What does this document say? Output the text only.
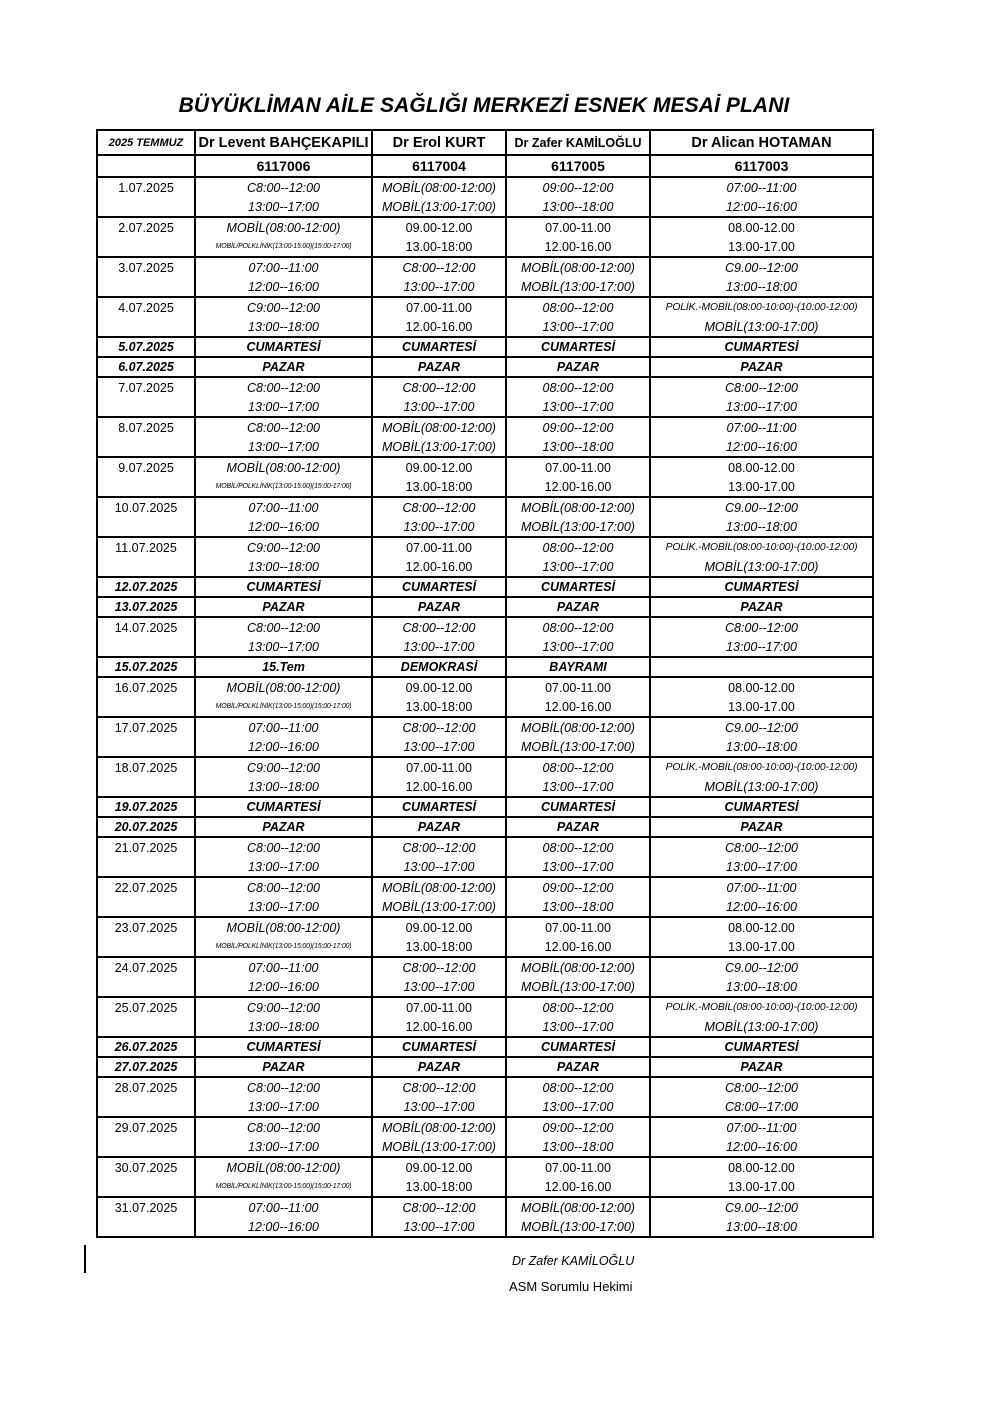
BÜYÜKLİMAN AİLE SAĞLIĞI MERKEZİ ESNEK MESAİ PLANI
2025 TEMMUZ	Dr Levent BAHÇEKAPILI	Dr Erol KURT	Dr Zafer KAMİLOĞLU	Dr Alican HOTAMAN
	6117006	6117004	6117005	6117003
1.07.2025	C8:00--12:00	MOBİL(08:00-12:00)	09:00--12:00	07:00--11:00
	13:00--17:00	MOBİL(13:00-17:00)	13:00--18:00	12:00--16:00
2.07.2025	MOBİL(08:00-12:00)	09.00-12.00	07.00-11.00	08.00-12.00
	MOBİL/POLKLİNİK(13:00-15:00)(15:00-17:00)	13.00-18:00	12.00-16.00	13.00-17.00
3.07.2025	07:00--11:00	C8:00--12:00	MOBİL(08:00-12:00)	C9.00--12:00
	12:00--16:00	13:00--17:00	MOBİL(13:00-17:00)	13:00--18:00
4.07.2025	C9:00--12:00	07.00-11.00	08:00--12:00	POLİK.-MOBİL(08:00-10:00)-(10:00-12:00)
	13:00--18:00	12.00-16.00	13:00--17:00	MOBİL(13:00-17:00)
5.07.2025	CUMARTESİ	CUMARTESİ	CUMARTESİ	CUMARTESİ
6.07.2025	PAZAR	PAZAR	PAZAR	PAZAR
7.07.2025	C8:00--12:00	C8:00--12:00	08:00--12:00	C8:00--12:00
	13:00--17:00	13:00--17:00	13:00--17:00	13:00--17:00
8.07.2025	C8:00--12:00	MOBİL(08:00-12:00)	09:00--12:00	07:00--11:00
	13:00--17:00	MOBİL(13:00-17:00)	13:00--18:00	12:00--16:00
9.07.2025	MOBİL(08:00-12:00)	09.00-12.00	07.00-11.00	08.00-12.00
	MOBİL/POLKLİNİK(13:00-15:00)(15:00-17:00)	13.00-18:00	12.00-16.00	13.00-17.00
10.07.2025	07:00--11:00	C8:00--12:00	MOBİL(08:00-12:00)	C9.00--12:00
	12:00--16:00	13:00--17:00	MOBİL(13:00-17:00)	13:00--18:00
11.07.2025	C9:00--12:00	07.00-11.00	08:00--12:00	POLİK.-MOBİL(08:00-10:00)-(10:00-12:00)
	13:00--18:00	12.00-16.00	13:00--17:00	MOBİL(13:00-17:00)
12.07.2025	CUMARTESİ	CUMARTESİ	CUMARTESİ	CUMARTESİ
13.07.2025	PAZAR	PAZAR	PAZAR	PAZAR
14.07.2025	C8:00--12:00	C8:00--12:00	08:00--12:00	C8:00--12:00
	13:00--17:00	13:00--17:00	13:00--17:00	13:00--17:00
15.07.2025	15.Tem	DEMOKRASİ	BAYRAMI	
16.07.2025	MOBİL(08:00-12:00)	09.00-12.00	07.00-11.00	08.00-12.00
	MOBİL/POLKLİNİK(13:00-15:00)(15:00-17:00)	13.00-18:00	12.00-16.00	13.00-17.00
17.07.2025	07:00--11:00	C8:00--12:00	MOBİL(08:00-12:00)	C9.00--12:00
	12:00--16:00	13:00--17:00	MOBİL(13:00-17:00)	13:00--18:00
18.07.2025	C9:00--12:00	07.00-11.00	08:00--12:00	POLİK.-MOBİL(08:00-10:00)-(10:00-12:00)
	13:00--18:00	12.00-16.00	13:00--17:00	MOBİL(13:00-17:00)
19.07.2025	CUMARTESİ	CUMARTESİ	CUMARTESİ	CUMARTESİ
20.07.2025	PAZAR	PAZAR	PAZAR	PAZAR
21.07.2025	C8:00--12:00	C8:00--12:00	08:00--12:00	C8:00--12:00
	13:00--17:00	13:00--17:00	13:00--17:00	13:00--17:00
22.07.2025	C8:00--12:00	MOBİL(08:00-12:00)	09:00--12:00	07:00--11:00
	13:00--17:00	MOBİL(13:00-17:00)	13:00--18:00	12:00--16:00
23.07.2025	MOBİL(08:00-12:00)	09.00-12.00	07.00-11.00	08.00-12.00
	MOBİL/POLKLİNİK(13:00-15:00)(15:00-17:00)	13.00-18:00	12.00-16.00	13.00-17.00
24.07.2025	07:00--11:00	C8:00--12:00	MOBİL(08:00-12:00)	C9.00--12:00
	12:00--16:00	13:00--17:00	MOBİL(13:00-17:00)	13:00--18:00
25.07.2025	C9:00--12:00	07.00-11.00	08:00--12:00	POLİK.-MOBİL(08:00-10:00)-(10:00-12:00)
	13:00--18:00	12.00-16.00	13:00--17:00	MOBİL(13:00-17:00)
26.07.2025	CUMARTESİ	CUMARTESİ	CUMARTESİ	CUMARTESİ
27.07.2025	PAZAR	PAZAR	PAZAR	PAZAR
28.07.2025	C8:00--12:00	C8:00--12:00	08:00--12:00	C8:00--12:00
	13:00--17:00	13:00--17:00	13:00--17:00	C8:00--17:00
29.07.2025	C8:00--12:00	MOBİL(08:00-12:00)	09:00--12:00	07:00--11:00
	13:00--17:00	MOBİL(13:00-17:00)	13:00--18:00	12:00--16:00
30.07.2025	MOBİL(08:00-12:00)	09.00-12.00	07.00-11.00	08.00-12.00
	MOBİL/POLKLİNİK(13:00-15:00)(15:00-17:00)	13.00-18:00	12.00-16.00	13.00-17.00
31.07.2025	07:00--11:00	C8:00--12:00	MOBİL(08:00-12:00)	C9.00--12:00
	12:00--16:00	13:00--17:00	MOBİL(13:00-17:00)	13:00--18:00
Dr Zafer KAMİLOĞLU
ASM Sorumlu Hekimi
